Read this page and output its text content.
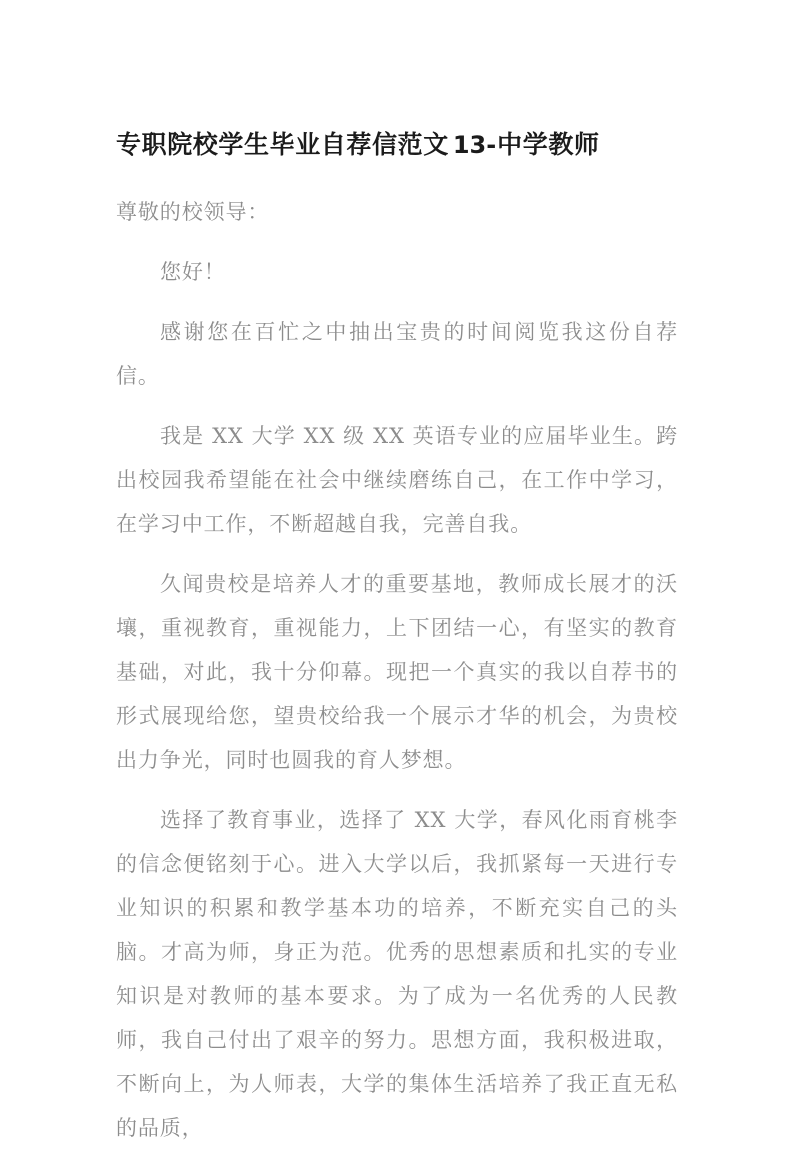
专职院校学生毕业自荐信范文 13-中学教师

尊敬的校领导：

您好！

感谢您在百忙之中抽出宝贵的时间阅览我这份自荐信。

我是 XX 大学 XX 级 XX 英语专业的应届毕业生。跨出校园我希望能在社会中继续磨练自己，在工作中学习，在学习中工作，不断超越自我，完善自我。

久闻贵校是培养人才的重要基地，教师成长展才的沃壤，重视教育，重视能力，上下团结一心，有坚实的教育基础，对此，我十分仰幕。现把一个真实的我以自荐书的形式展现给您，望贵校给我一个展示才华的机会，为贵校出力争光，同时也圆我的育人梦想。

选择了教育事业，选择了 XX 大学，春风化雨育桃李的信念便铭刻于心。进入大学以后，我抓紧每一天进行专业知识的积累和教学基本功的培养，不断充实自己的头脑。才高为师，身正为范。优秀的思想素质和扎实的专业知识是对教师的基本要求。为了成为一名优秀的人民教师，我自己付出了艰辛的努力。思想方面，我积极进取，不断向上，为人师表，大学的集体生活培养了我正直无私的品质，
